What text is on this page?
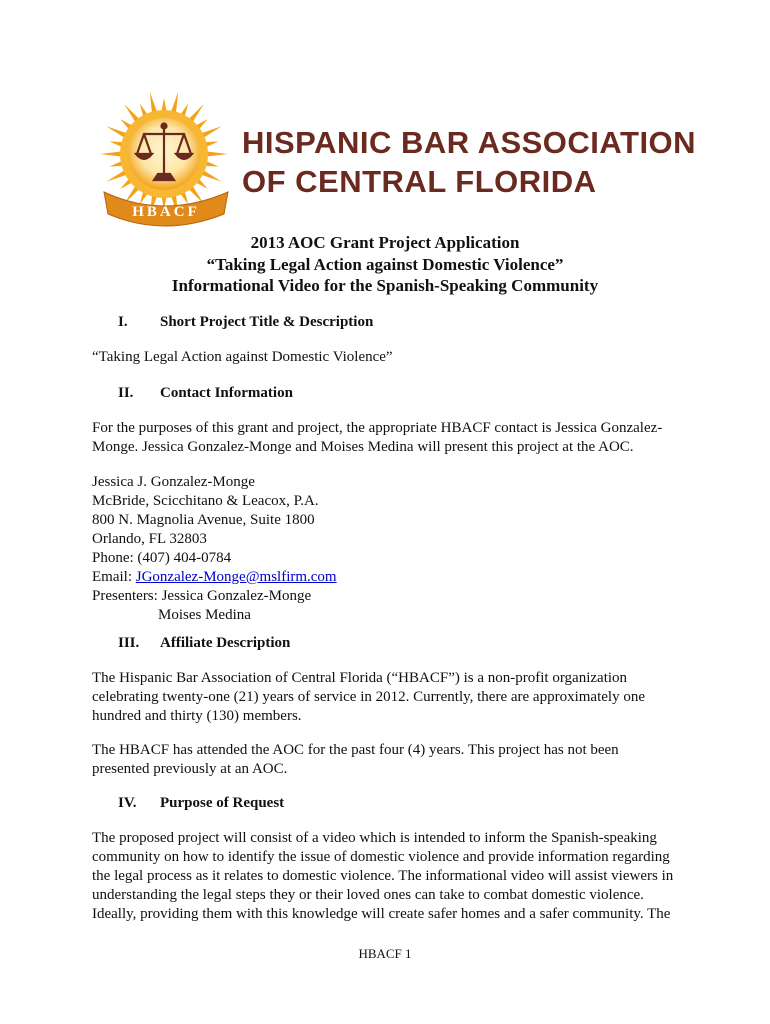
HBACF
HISPANIC BAR ASSOCIATION
OF CENTRAL FLORIDA
2013 AOC Grant Project Application
“Taking Legal Action against Domestic Violence”
Informational Video for the Spanish-Speaking Community
I. Short Project Title & Description
“Taking Legal Action against Domestic Violence”
II. Contact Information
For the purposes of this grant and project, the appropriate HBACF contact is Jessica Gonzalez-
Monge. Jessica Gonzalez-Monge and Moises Medina will present this project at the AOC.
Jessica J. Gonzalez-Monge
McBride, Scicchitano & Leacox, P.A.
800 N. Magnolia Avenue, Suite 1800
Orlando, FL 32803
Phone: (407) 404-0784
Email: JGonzalez-Monge@mslfirm.com
Presenters: Jessica Gonzalez-Monge
Moises Medina
III. Affiliate Description
The Hispanic Bar Association of Central Florida (“HBACF”) is a non-profit organization
celebrating twenty-one (21) years of service in 2012. Currently, there are approximately one
hundred and thirty (130) members.
The HBACF has attended the AOC for the past four (4) years. This project has not been
presented previously at an AOC.
IV. Purpose of Request
The proposed project will consist of a video which is intended to inform the Spanish-speaking
community on how to identify the issue of domestic violence and provide information regarding
the legal process as it relates to domestic violence. The informational video will assist viewers in
understanding the legal steps they or their loved ones can take to combat domestic violence.
Ideally, providing them with this knowledge will create safer homes and a safer community. The
HBACF 1
